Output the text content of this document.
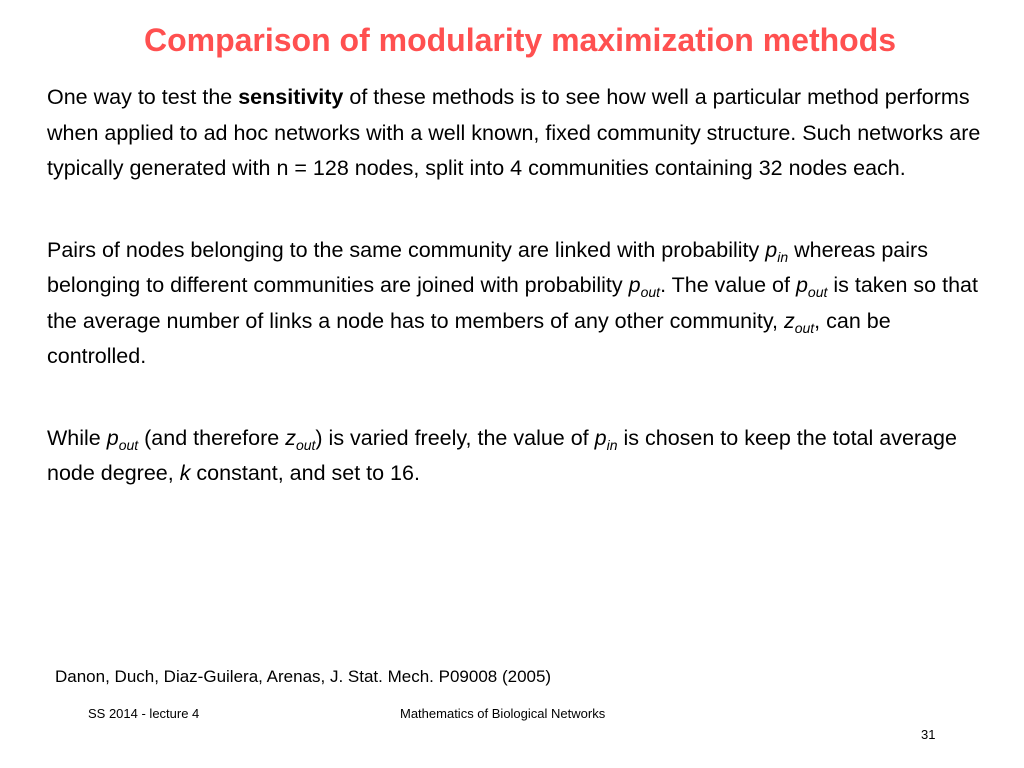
Comparison of modularity maximization methods

One way to test the sensitivity of these methods is to see how well a particular method performs when applied to ad hoc networks with a well known, fixed community structure. Such networks are typically generated with n = 128 nodes, split into 4 communities containing 32 nodes each.

Pairs of nodes belonging to the same community are linked with probability $p_{in}$ whereas pairs belonging to different communities are joined with probability $p_{out}$. The value of $p_{out}$ is taken so that the average number of links a node has to members of any other community, $z_{out}$, can be controlled.

While $p_{out}$ (and therefore $z_{out}$) is varied freely, the value of $p_{in}$ is chosen to keep the total average node degree, k constant, and set to 16.

Danon, Duch, Diaz-Guilera, Arenas, J. Stat. Mech. P09008 (2005)

SS 2014 - lecture 4	Mathematics of Biological Networks
31
